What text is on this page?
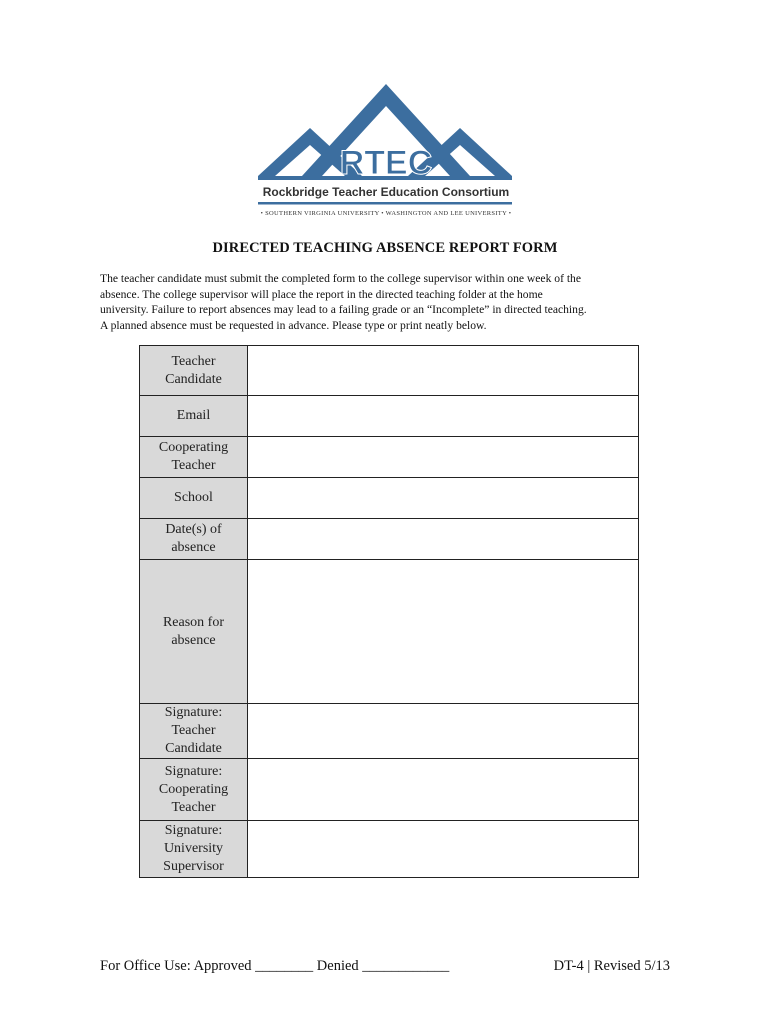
RTEC
Rockbridge Teacher Education Consortium
• SOUTHERN VIRGINIA UNIVERSITY • WASHINGTON AND LEE UNIVERSITY •
DIRECTED TEACHING ABSENCE REPORT FORM
The teacher candidate must submit the completed form to the college supervisor within one week of the
absence. The college supervisor will place the report in the directed teaching folder at the home
university. Failure to report absences may lead to a failing grade or an “Incomplete” in directed teaching.
A planned absence must be requested in advance. Please type or print neatly below.
Teacher
Candidate	

Email	

Cooperating
Teacher	

School	

Date(s) of
absence	

Reason for
absence	

Signature:
Teacher
Candidate	

Signature:
Cooperating
Teacher	

Signature:
University
Supervisor	

For Office Use: Approved ________ Denied ____________	DT-4 | Revised 5/13
